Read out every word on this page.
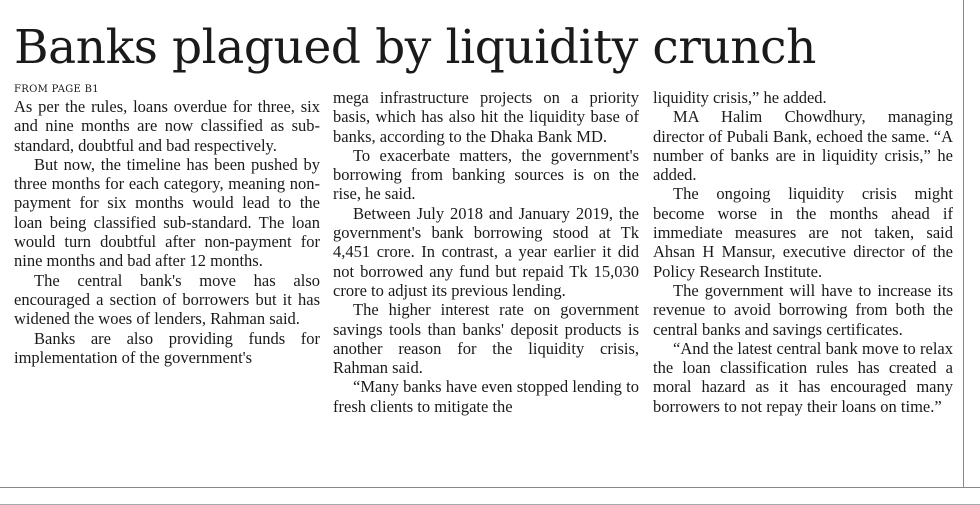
Banks plagued by liquidity crunch
FROM PAGE B1

As per the rules, loans overdue for three, six and nine months are now classified as sub-standard, doubtful and bad respectively.

But now, the timeline has been pushed by three months for each category, meaning non-payment for six months would lead to the loan being classified sub-standard. The loan would turn doubtful after non-payment for nine months and bad after 12 months.

The central bank's move has also encouraged a section of borrowers but it has widened the woes of lenders, Rahman said.

Banks are also providing funds for implementation of the government's

mega infrastructure projects on a priority basis, which has also hit the liquidity base of banks, according to the Dhaka Bank MD.

To exacerbate matters, the government's borrowing from banking sources is on the rise, he said.

Between July 2018 and January 2019, the government's bank borrowing stood at Tk 4,451 crore. In contrast, a year earlier it did not borrowed any fund but repaid Tk 15,030 crore to adjust its previous lending.

The higher interest rate on government savings tools than banks' deposit products is another reason for the liquidity crisis, Rahman said.

“Many banks have even stopped lending to fresh clients to mitigate the

liquidity crisis,” he added.

MA Halim Chowdhury, managing director of Pubali Bank, echoed the same. “A number of banks are in liquidity crisis,” he added.

The ongoing liquidity crisis might become worse in the months ahead if immediate measures are not taken, said Ahsan H Mansur, executive director of the Policy Research Institute.

The government will have to increase its revenue to avoid borrowing from both the central banks and savings certificates.

“And the latest central bank move to relax the loan classification rules has created a moral hazard as it has encouraged many borrowers to not repay their loans on time.”
